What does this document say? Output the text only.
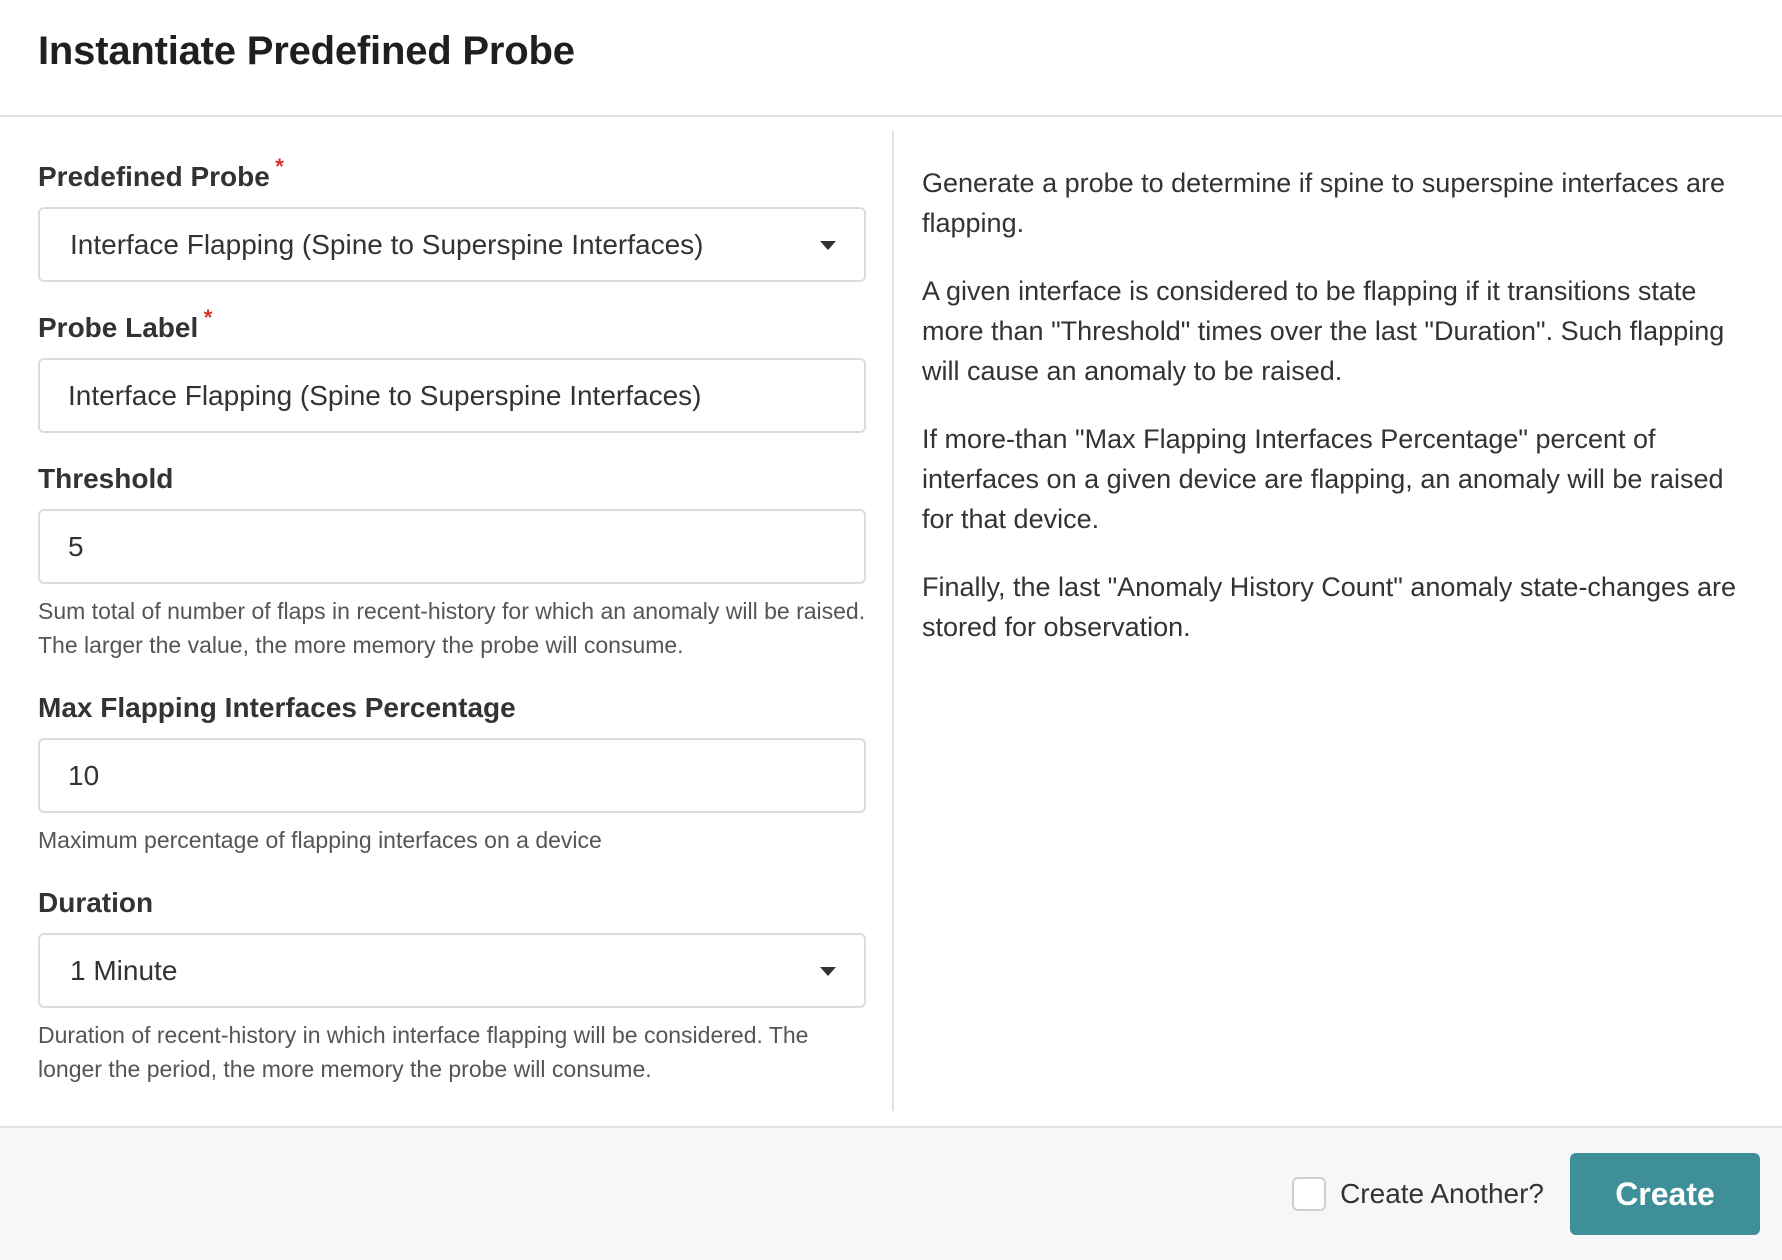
Instantiate Predefined Probe
Predefined Probe *
Interface Flapping (Spine to Superspine Interfaces)
Probe Label *
Interface Flapping (Spine to Superspine Interfaces)
Threshold
5

Sum total of number of flaps in recent-history for which an anomaly will be raised. The larger the value, the more memory the probe will consume.

Max Flapping Interfaces Percentage
10

Maximum percentage of flapping interfaces on a device

Duration
1 Minute

Duration of recent-history in which interface flapping will be considered. The longer the period, the more memory the probe will consume.

Generate a probe to determine if spine to superspine interfaces are flapping.

A given interface is considered to be flapping if it transitions state more than "Threshold" times over the last "Duration". Such flapping will cause an anomaly to be raised.

If more-than "Max Flapping Interfaces Percentage" percent of interfaces on a given device are flapping, an anomaly will be raised for that device.

Finally, the last "Anomaly History Count" anomaly state-changes are stored for observation.

Create Another?	Create
